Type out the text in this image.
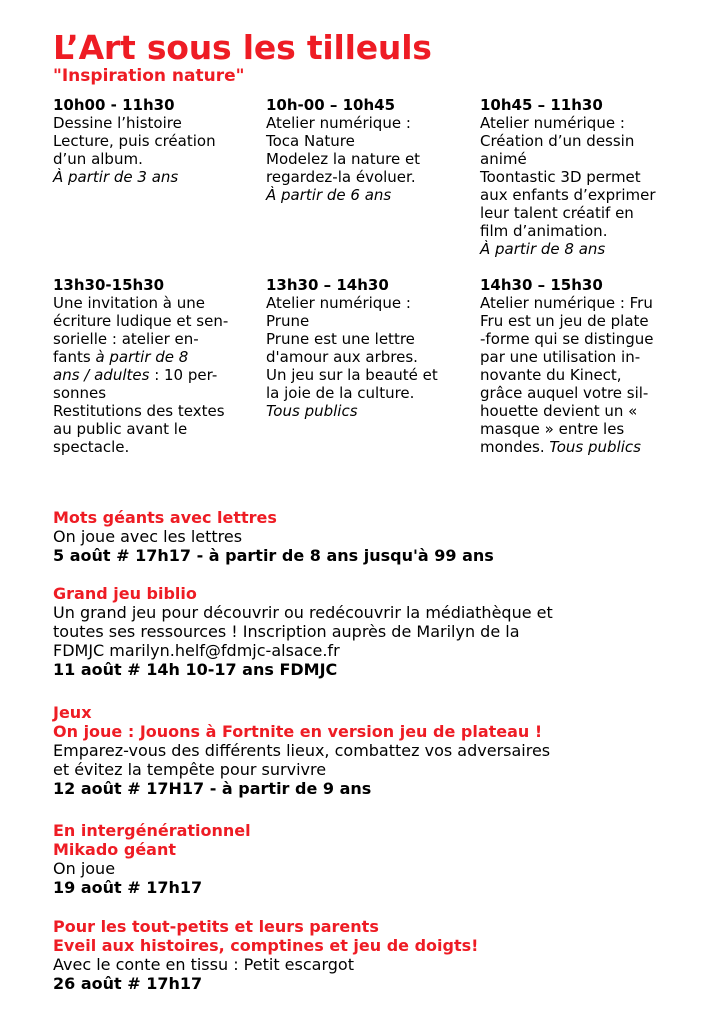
L’Art sous les tilleuls
"Inspiration nature"
10h00 - 11h30
Dessine l’histoire
Lecture, puis création
d’un album.
À partir de 3 ans
10h-00 – 10h45
Atelier numérique :
Toca Nature
Modelez la nature et
regardez-la évoluer.
À partir de 6 ans
10h45 – 11h30
Atelier numérique :
Création d’un dessin
animé
Toontastic 3D permet
aux enfants d’exprimer
leur talent créatif en
film d’animation.
À partir de 8 ans
13h30-15h30
Une invitation à une
écriture ludique et sen-
sorielle : atelier en-
fants à partir de 8
ans / adultes : 10 per-
sonnes
Restitutions des textes
au public avant le
spectacle.
13h30 – 14h30
Atelier numérique :
Prune
Prune est une lettre
d'amour aux arbres.
Un jeu sur la beauté et
la joie de la culture.
Tous publics
14h30 – 15h30
Atelier numérique : Fru
Fru est un jeu de plate
-forme qui se distingue
par une utilisation in-
novante du Kinect,
grâce auquel votre sil-
houette devient un «
masque » entre les
mondes. Tous publics
Mots géants avec lettres
On joue avec les lettres
5 août # 17h17 - à partir de 8 ans jusqu'à 99 ans
Grand jeu biblio
Un grand jeu pour découvrir ou redécouvrir la médiathèque et
toutes ses ressources ! Inscription auprès de Marilyn de la
FDMJC marilyn.helf@fdmjc-alsace.fr
11 août # 14h 10-17 ans FDMJC
Jeux
On joue : Jouons à Fortnite en version jeu de plateau !
Emparez-vous des différents lieux, combattez vos adversaires
et évitez la tempête pour survivre
12 août # 17H17 - à partir de 9 ans
En intergénérationnel
Mikado géant
On joue
19 août # 17h17
Pour les tout-petits et leurs parents
Eveil aux histoires, comptines et jeu de doigts!
Avec le conte en tissu : Petit escargot
26 août # 17h17
